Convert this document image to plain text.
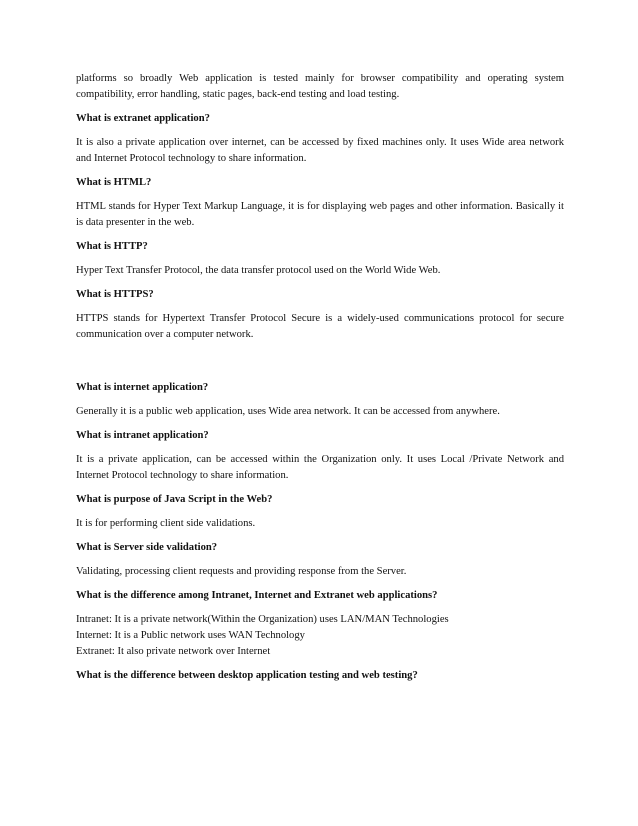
platforms so broadly Web application is tested mainly for browser compatibility and operating system compatibility, error handling, static pages, back-end testing and load testing.

What is extranet application?

It is also a private application over internet, can be accessed by fixed machines only. It uses Wide area network and Internet Protocol technology to share information.

What is HTML?

HTML stands for Hyper Text Markup Language, it is for displaying web pages and other information. Basically it is data presenter in the web.

What is HTTP?

Hyper Text Transfer Protocol, the data transfer protocol used on the World Wide Web.

What is HTTPS?

HTTPS stands for Hypertext Transfer Protocol Secure is a widely-used communications protocol for secure communication over a computer network.

What is internet application?

Generally it is a public web application, uses Wide area network. It can be accessed from anywhere.

What is intranet application?

It is a private application, can be accessed within the Organization only. It uses Local /Private Network and Internet Protocol technology to share information.

What is purpose of Java Script in the Web?

It is for performing client side validations.

What is Server side validation?

Validating, processing client requests and providing response from the Server.

What is the difference among Intranet, Internet and Extranet web applications?

Intranet: It is a private network(Within the Organization) uses LAN/MAN Technologies
Internet: It is a Public network uses WAN Technology
Extranet: It also private network over Internet

What is the difference between desktop application testing and web testing?
